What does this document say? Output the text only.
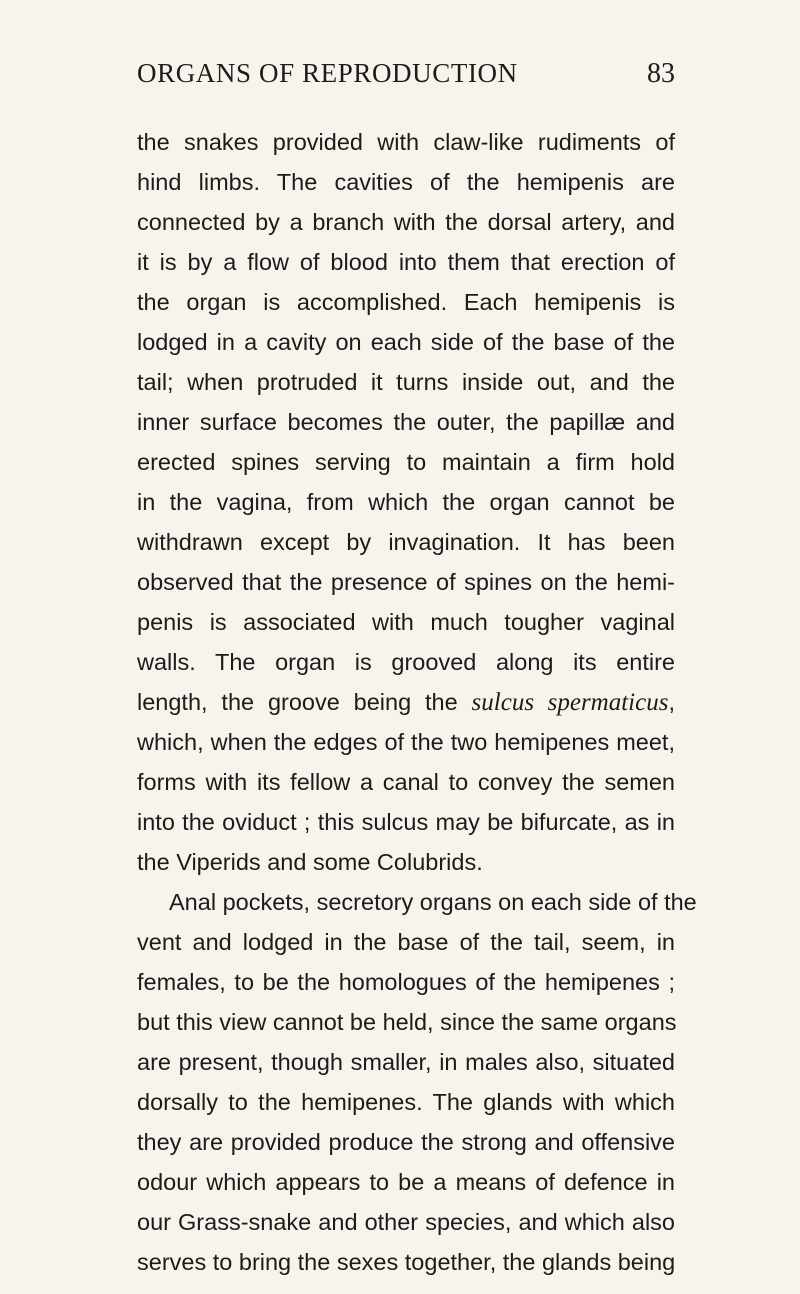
ORGANS OF REPRODUCTION	83
the snakes provided with claw-like rudiments of
hind limbs. The cavities of the hemipenis are
connected by a branch with the dorsal artery, and
it is by a flow of blood into them that erection of
the organ is accomplished. Each hemipenis is
lodged in a cavity on each side of the base of the
tail; when protruded it turns inside out, and the
inner surface becomes the outer, the papillæ and
erected spines serving to maintain a firm hold
in the vagina, from which the organ cannot be
withdrawn except by invagination. It has been
observed that the presence of spines on the hemi-
penis is associated with much tougher vaginal
walls. The organ is grooved along its entire
length, the groove being the sulcus spermaticus,
which, when the edges of the two hemipenes meet,
forms with its fellow a canal to convey the semen
into the oviduct ; this sulcus may be bifurcate, as in
the Viperids and some Colubrids.
Anal pockets, secretory organs on each side of the
vent and lodged in the base of the tail, seem, in
females, to be the homologues of the hemipenes ;
but this view cannot be held, since the same organs
are present, though smaller, in males also, situated
dorsally to the hemipenes. The glands with which
they are provided produce the strong and offensive
odour which appears to be a means of defence in
our Grass-snake and other species, and which also
serves to bring the sexes together, the glands being
